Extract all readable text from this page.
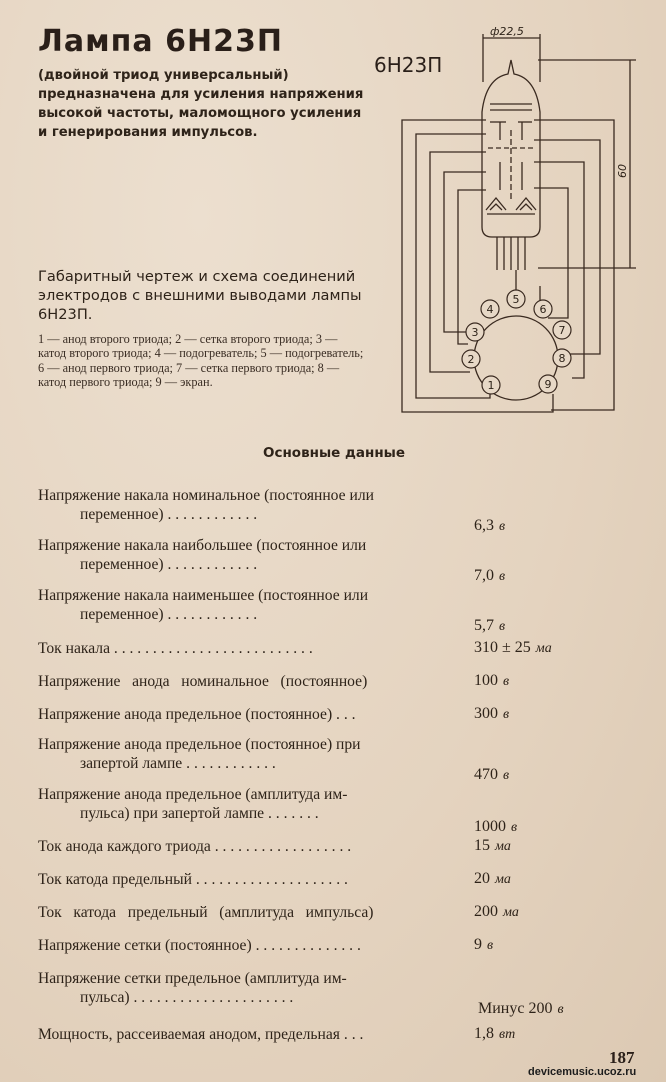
Лампа 6Н23П
(двойной триод универсальный) предназначена для усиления напряжения высокой частоты, маломощного усиления и генерирования импульсов.
Габаритный чертеж и схема соединений электродов с внешними выводами лампы 6Н23П.
1 — анод второго триода; 2 — сетка второго триода; 3 — катод второго триода; 4 — подогреватель; 5 — подогреватель; 6 — анод первого триода; 7 — сетка первого триода; 8 — катод первого триода; 9 — экран.	1
2
3
4
5
6
7
8
9
6Н23П
ф22,5
60
Основные данные
Напряжение накала номинальное (постоянное или
переменное) . . . . . . . . . . . .
6,3 в
Напряжение накала наибольшее (постоянное или
переменное) . . . . . . . . . . . .
7,0 в
Напряжение накала наименьшее (постоянное или
переменное) . . . . . . . . . . . .
5,7 в
Ток накала . . . . . . . . . . . . . . . . . . . . . . . . . .	310 ± 25 ма
Напряжение   анода   номинальное   (постоянное)	100 в
Напряжение анода предельное (постоянное) . . .	300 в
Напряжение анода предельное (постоянное) при
запертой лампе . . . . . . . . . . . .
470 в
Напряжение анода предельное (амплитуда им-
пульса) при запертой лампе . . . . . . .
1000 в
Ток анода каждого триода . . . . . . . . . . . . . . . . . .	15 ма
Ток катода предельный . . . . . . . . . . . . . . . . . . . .	20 ма
Ток   катода   предельный   (амплитуда   импульса)	200 ма
Напряжение сетки (постоянное) . . . . . . . . . . . . . .	9 в
Напряжение сетки предельное (амплитуда им-
пульса) . . . . . . . . . . . . . . . . . . . . .
Минус 200 в
Мощность, рассеиваемая анодом, предельная . . .	1,8 вт
187
devicemusic.ucoz.ru
